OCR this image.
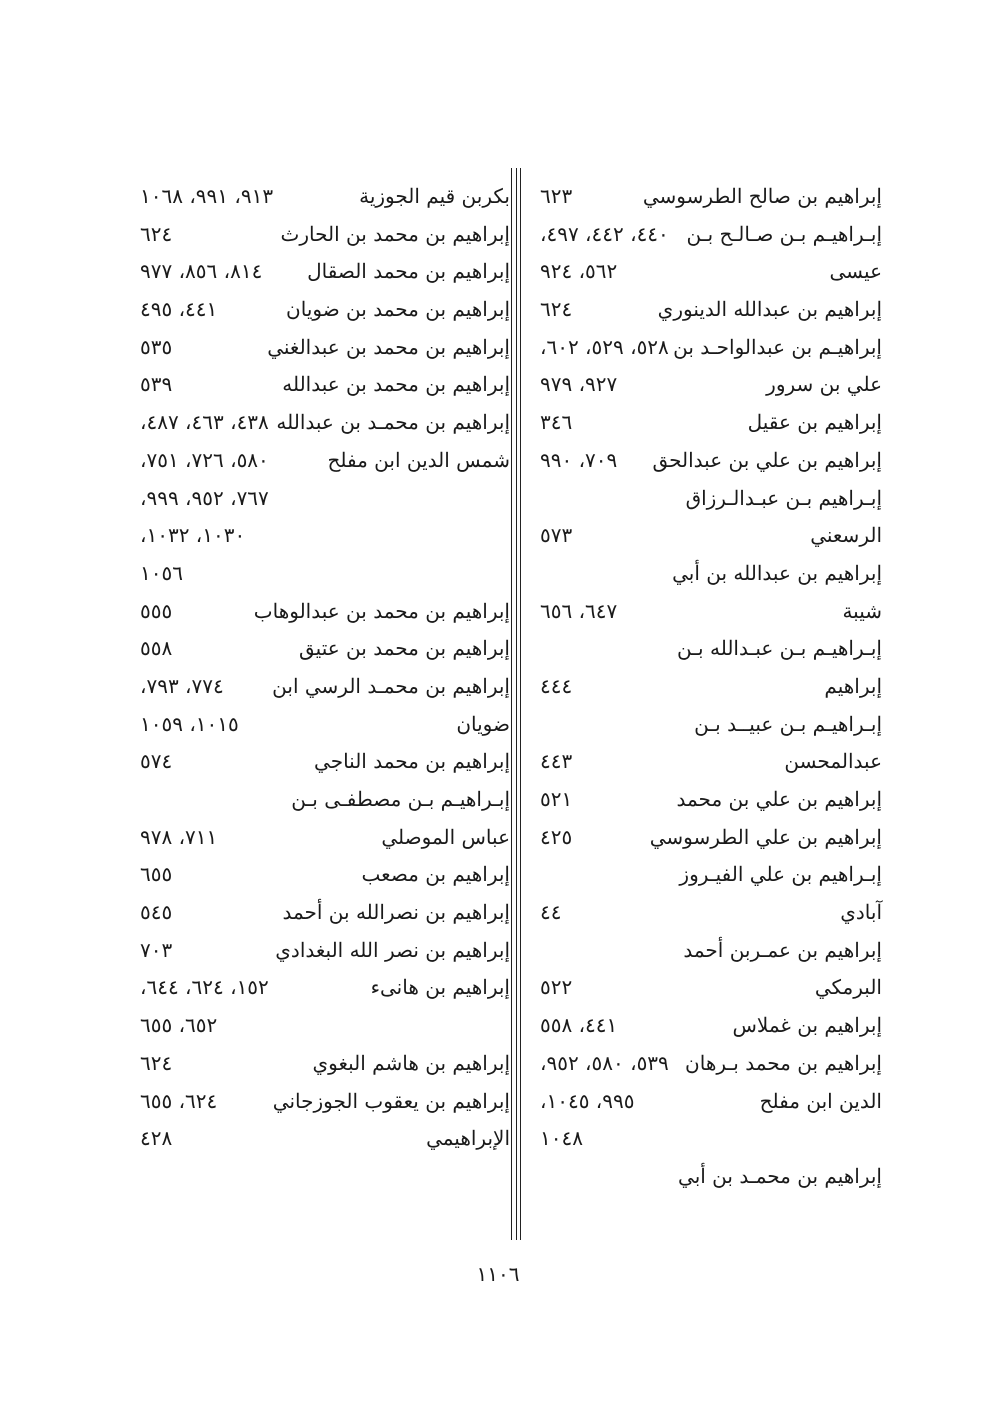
إبراهيم بن صالح الطرسوسي
٦٢٣
إبـراهيـم بـن صـالـح بـن
٤٤٠، ٤٤٢، ٤٩٧،
عيسى
٥٦٢، ٩٢٤
إبراهيم بن عبدالله الدينوري
٦٢٤
إبراهيـم بن عبدالواحـد بن
٥٢٨، ٥٢٩، ٦٠٢،
علي بن سرور
٩٢٧، ٩٧٩
إبراهيم بن عقيل
٣٤٦
إبراهيم بن علي بن عبدالحق
٧٠٩، ٩٩٠
إبـراهيم بـن عبـدالـرزاق
الرسعني
٥٧٣
إبراهيم بن عبدالله بن أبي
شيبة
٦٤٧، ٦٥٦
إبـراهيـم بـن عبـدالله بـن
إبراهيم
٤٤٤
إبـراهيـم بـن عبيــد بـن
عبدالمحسن
٤٤٣
إبراهيم بن علي بن محمد
٥٢١
إبراهيم بن علي الطرسوسي
٤٢٥
إبـراهيم بن علي الفيـروز
آبادي
٤٤
إبراهيم بن عمـربن أحمد
البرمكي
٥٢٢
إبراهيم بن غملاس
٤٤١، ٥٥٨
إبراهيم بن محمد بـرهان
٥٣٩، ٥٨٠، ٩٥٢،
الدين ابن مفلح
٩٩٥، ١٠٤٥،
١٠٤٨
إبراهيم بن محمـد بن أبي
بكربن قيم الجوزية
٩١٣، ٩٩١، ١٠٦٨
إبراهيم بن محمد بن الحارث
٦٢٤
إبراهيم بن محمد الصقال
٨١٤، ٨٥٦، ٩٧٧
إبراهيم بن محمد بن ضويان
٤٤١، ٤٩٥
إبراهيم بن محمد بن عبدالغني
٥٣٥
إبراهيم بن محمد بن عبدالله
٥٣٩
إبراهيم بن محمـد بن عبدالله
٤٣٨، ٤٦٣، ٤٨٧،
شمس الدين ابن مفلح
٥٨٠، ٧٢٦، ٧٥١،
٧٦٧، ٩٥٢، ٩٩٩،
١٠٣٠، ١٠٣٢،
١٠٥٦
إبراهيم بن محمد بن عبدالوهاب
٥٥٥
إبراهيم بن محمد بن عتيق
٥٥٨
إبراهيم بن محمـد الرسي ابن
٧٧٤، ٧٩٣،
ضويان
١٠١٥، ١٠٥٩
إبراهيم بن محمد الناجي
٥٧٤
إبـراهيـم بـن مصطفـى بـن
عباس الموصلي
٧١١، ٩٧٨
إبراهيم بن مصعب
٦٥٥
إبراهيم بن نصرالله بن أحمد
٥٤٥
إبراهيم بن نصر الله البغدادي
٧٠٣
إبراهيم بن هانىء
١٥٢، ٦٢٤، ٦٤٤،
٦٥٢، ٦٥٥
إبراهيم بن هاشم البغوي
٦٢٤
إبراهيم بن يعقوب الجوزجاني
٦٢٤، ٦٥٥
الإبراهيمي
٤٢٨
١١٠٦
